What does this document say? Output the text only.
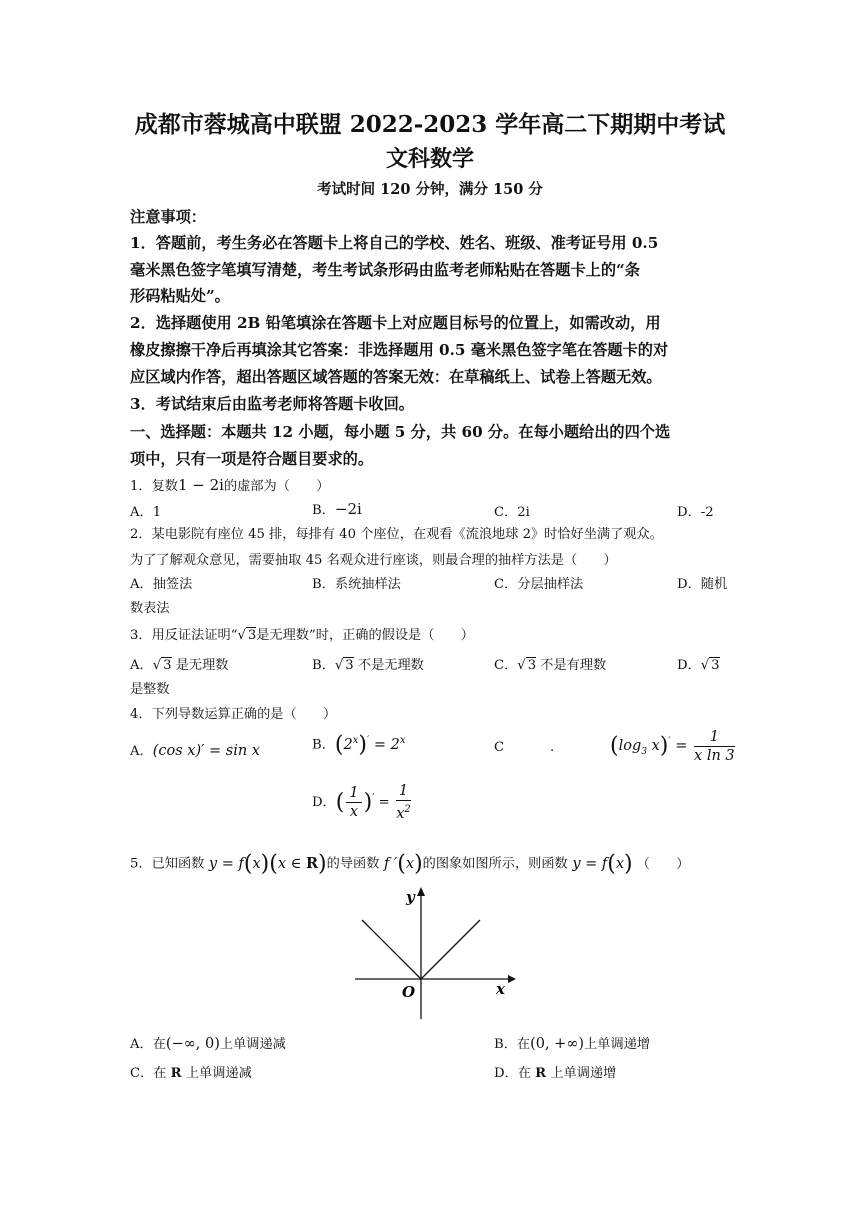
成都市蓉城高中联盟 2022-2023 学年高二下期期中考试
文科数学
考试时间 120 分钟，满分 150 分
注意事项：
1．答题前，考生务必在答题卡上将自己的学校、姓名、班级、准考证号用 0.5
毫米黑色签字笔填写清楚，考生考试条形码由监考老师粘贴在答题卡上的“条
形码粘贴处”。
2．选择题使用 2B 铅笔填涂在答题卡上对应题目标号的位置上，如需改动，用
橡皮擦擦干净后再填涂其它答案：非选择题用 0.5 毫米黑色签字笔在答题卡的对
应区域内作答，超出答题区域答题的答案无效：在草稿纸上、试卷上答题无效。
3．考试结束后由监考老师将答题卡收回。
一、选择题：本题共 12 小题，每小题 5 分，共 60 分。在每小题给出的四个选
项中，只有一项是符合题目要求的。
1．复数1 − 2i的虚部为（　　）
A．1	B．−2i	C．2i	D．-2
2．某电影院有座位 45 排，每排有 40 个座位，在观看《流浪地球 2》时恰好坐满了观众。
为了了解观众意见，需要抽取 45 名观众进行座谈，则最合理的抽样方法是（　　）
A．抽签法	B．系统抽样法	C．分层抽样法	D．随机
数表法
3．用反证法证明“√ 3是无理数”时，正确的假设是（　　）
A．√ 3 是无理数	B．√ 3 不是无理数	C．√ 3 不是有理数	D．√ 3
是整数
4．下列导数运算正确的是（　　）
A．(cos x)′ = sin x	B．$(2^x)' = 2^x$	C	.	($\log_3$ $x)' = \frac{1}{\text{x ln 3}}$
D．( $\frac{1}{x} )' = \frac{1}{x^2}$
5．已知函数 y = f(x)(x ∈ R)的导函数 f ′(x)的图象如图所示，则函数 y = f(x) （　　）
y
x
O
A．在(−∞, 0)上单调递减	B．在(0, +∞)上单调递增
C．在 R 上单调递减	D．在 R 上单调递增
